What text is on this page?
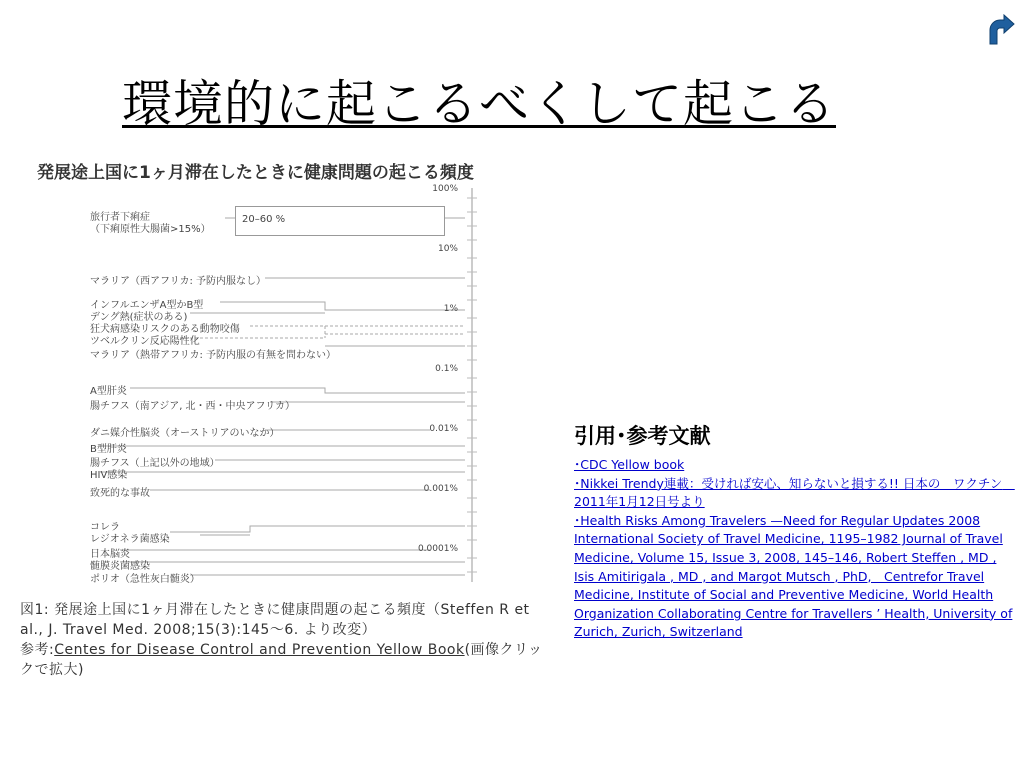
環境的に起こるべくして起こる
発展途上国に1ヶ月滞在したときに健康問題の起こる頻度
100%
10%
1%
0.1%
0.01%
0.001%
0.0001%
20–60 %
旅行者下痢症
（下痢原性大腸菌>15%）
マラリア（西アフリカ: 予防内服なし）
インフルエンザA型かB型
デング熱(症状のある)
狂犬病感染リスクのある動物咬傷
ツベルクリン反応陽性化
マラリア（熱帯アフリカ: 予防内服の有無を問わない）
A型肝炎
腸チフス（南アジア, 北・西・中央アフリカ）
ダニ媒介性脳炎（オーストリアのいなか）
B型肝炎
腸チフス（上記以外の地域）
HIV感染
致死的な事故
コレラ
レジオネラ菌感染
日本脳炎
髄膜炎菌感染
ポリオ（急性灰白髄炎）

図1: 発展途上国に1ヶ月滞在したときに健康問題の起こる頻度（Steffen R et al., J. Travel Med. 2008;15(3):145〜6. より改変）

参考:Centes for Disease Control and Prevention Yellow Book(画像クリックで拡大)

引用･参考文献
･CDC Yellow book
･Nikkei Trendy連載：受ければ安心、知らないと損する!! 日本の　ワクチン　2011年1月12日号より
･Health Risks Among Travelers —Need for Regular Updates 2008 International Society of Travel Medicine, 1195–1982 Journal of Travel Medicine, Volume 15, Issue 3, 2008, 145–146, Robert Steffen , MD , Isis Amitirigala , MD , and Margot Mutsch , PhD,　Centrefor Travel Medicine, Institute of Social and Preventive Medicine, World Health Organization Collaborating Centre for Travellers ’ Health, University of Zurich, Zurich, Switzerland
